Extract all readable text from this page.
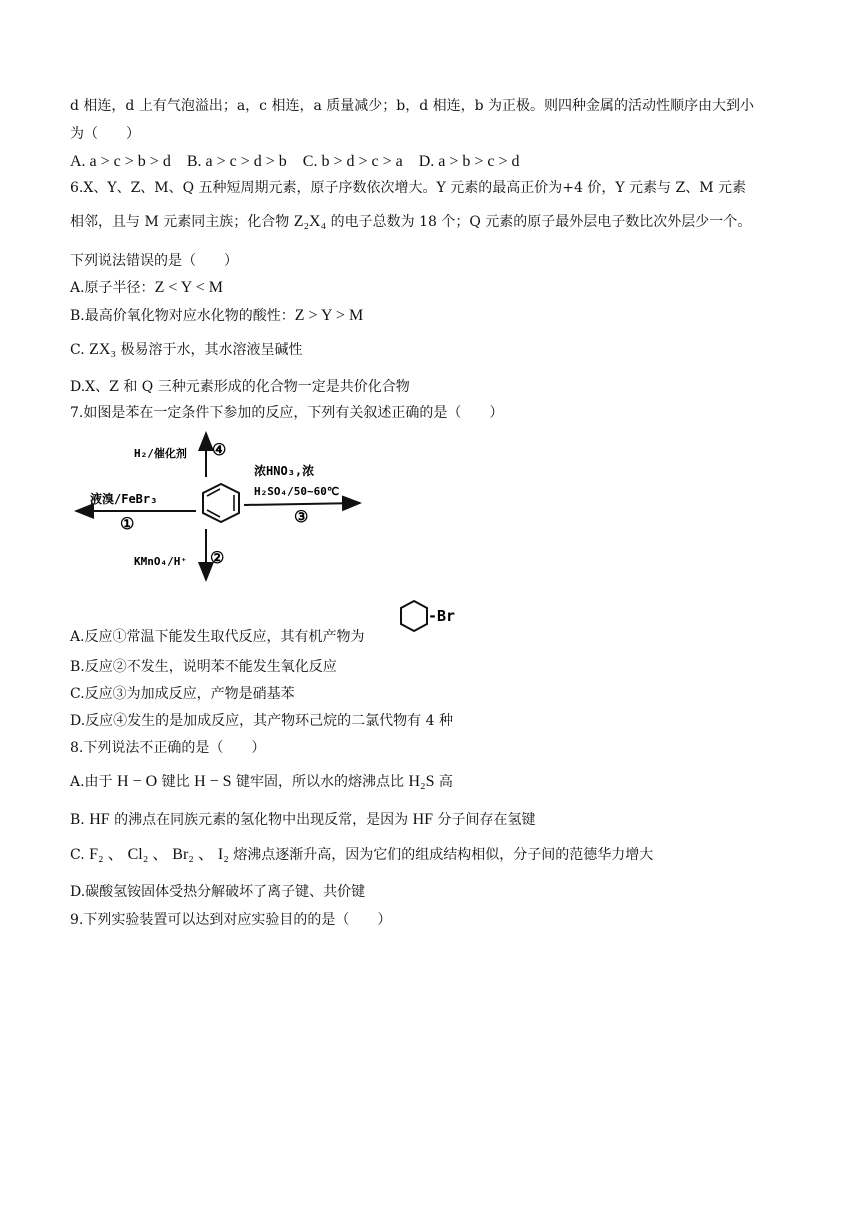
d 相连，d 上有气泡溢出；a，c 相连，a 质量减少；b，d 相连，b 为正极。则四种金属的活动性顺序由大到小
为（　　）
A. a > c > b > d　B. a > c > d > b　C. b > d > c > a　D. a > b > c > d
6.X、Y、Z、M、Q 五种短周期元素，原子序数依次增大。Y 元素的最高正价为+4 价，Y 元素与 Z、M 元素
相邻，且与 M 元素同主族；化合物 Z₂X₄ 的电子总数为 18 个；Q 元素的原子最外层电子数比次外层少一个。
下列说法错误的是（　　）
A.原子半径：Z < Y < M
B.最高价氧化物对应水化物的酸性：Z > Y > M
C. ZX₃ 极易溶于水，其水溶液呈碱性
D.X、Z 和 Q 三种元素形成的化合物一定是共价化合物
7.如图是苯在一定条件下参加的反应，下列有关叙述正确的是（　　）
H₂/催化剂 ④
液溴/FeBr₃
①
浓HNO₃,浓
H₂SO₄/50~60℃
③
KMnO₄/H⁺ ②
A.反应①常温下能发生取代反应，其有机产物为
-Br
B.反应②不发生，说明苯不能发生氧化反应
C.反应③为加成反应，产物是硝基苯
D.反应④发生的是加成反应，其产物环己烷的二氯代物有 4 种
8.下列说法不正确的是（　　）
A.由于 H − O 键比 H − S 键牢固，所以水的熔沸点比 H₂S 高
B. HF 的沸点在同族元素的氢化物中出现反常，是因为 HF 分子间存在氢键
C. F₂ 、 Cl₂ 、 Br₂ 、 I₂ 熔沸点逐渐升高，因为它们的组成结构相似，分子间的范德华力增大
D.碳酸氢铵固体受热分解破坏了离子键、共价键
9.下列实验装置可以达到对应实验目的的是（　　）
